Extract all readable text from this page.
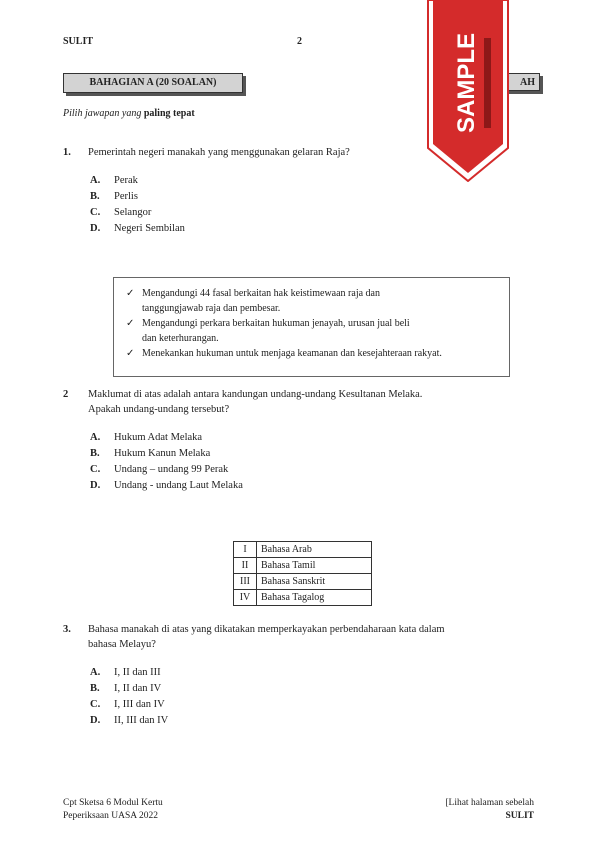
SULIT	2
BAHAGIAN A (20 SOALAN)	AH
Pilih jawapan yang paling tepat
1. Pemerintah negeri manakah yang menggunakan gelaran Raja?
A. Perak
B. Perlis
C. Selangor
D. Negeri Sembilan
✓ Mengandungi 44 fasal berkaitan hak keistimewaan raja dan
tanggungjawab raja dan pembesar.
✓ Mengandungi perkara berkaitan hukuman jenayah, urusan jual beli
dan keterhurangan.
✓ Menekankan hukuman untuk menjaga keamanan dan kesejahteraan rakyat.
2 Maklumat di atas adalah antara kandungan undang-undang Kesultanan Melaka.
Apakah undang-undang tersebut?
A. Hukum Adat Melaka
B. Hukum Kanun Melaka
C. Undang – undang 99 Perak
D. Undang - undang Laut Melaka
I	Bahasa Arab
II	Bahasa Tamil
III	Bahasa Sanskrit
IV	Bahasa Tagalog
3. Bahasa manakah di atas yang dikatakan memperkayakan perbendaharaan kata dalam
bahasa Melayu?
A. I, II dan III
B. I, II dan IV
C. I, III dan IV
D. II, III dan IV
Cpt Sketsa 6 Modul Kertu
Peperiksaan UASA 2022
[Lihat halaman sebelah
SULIT
SAMPLE
